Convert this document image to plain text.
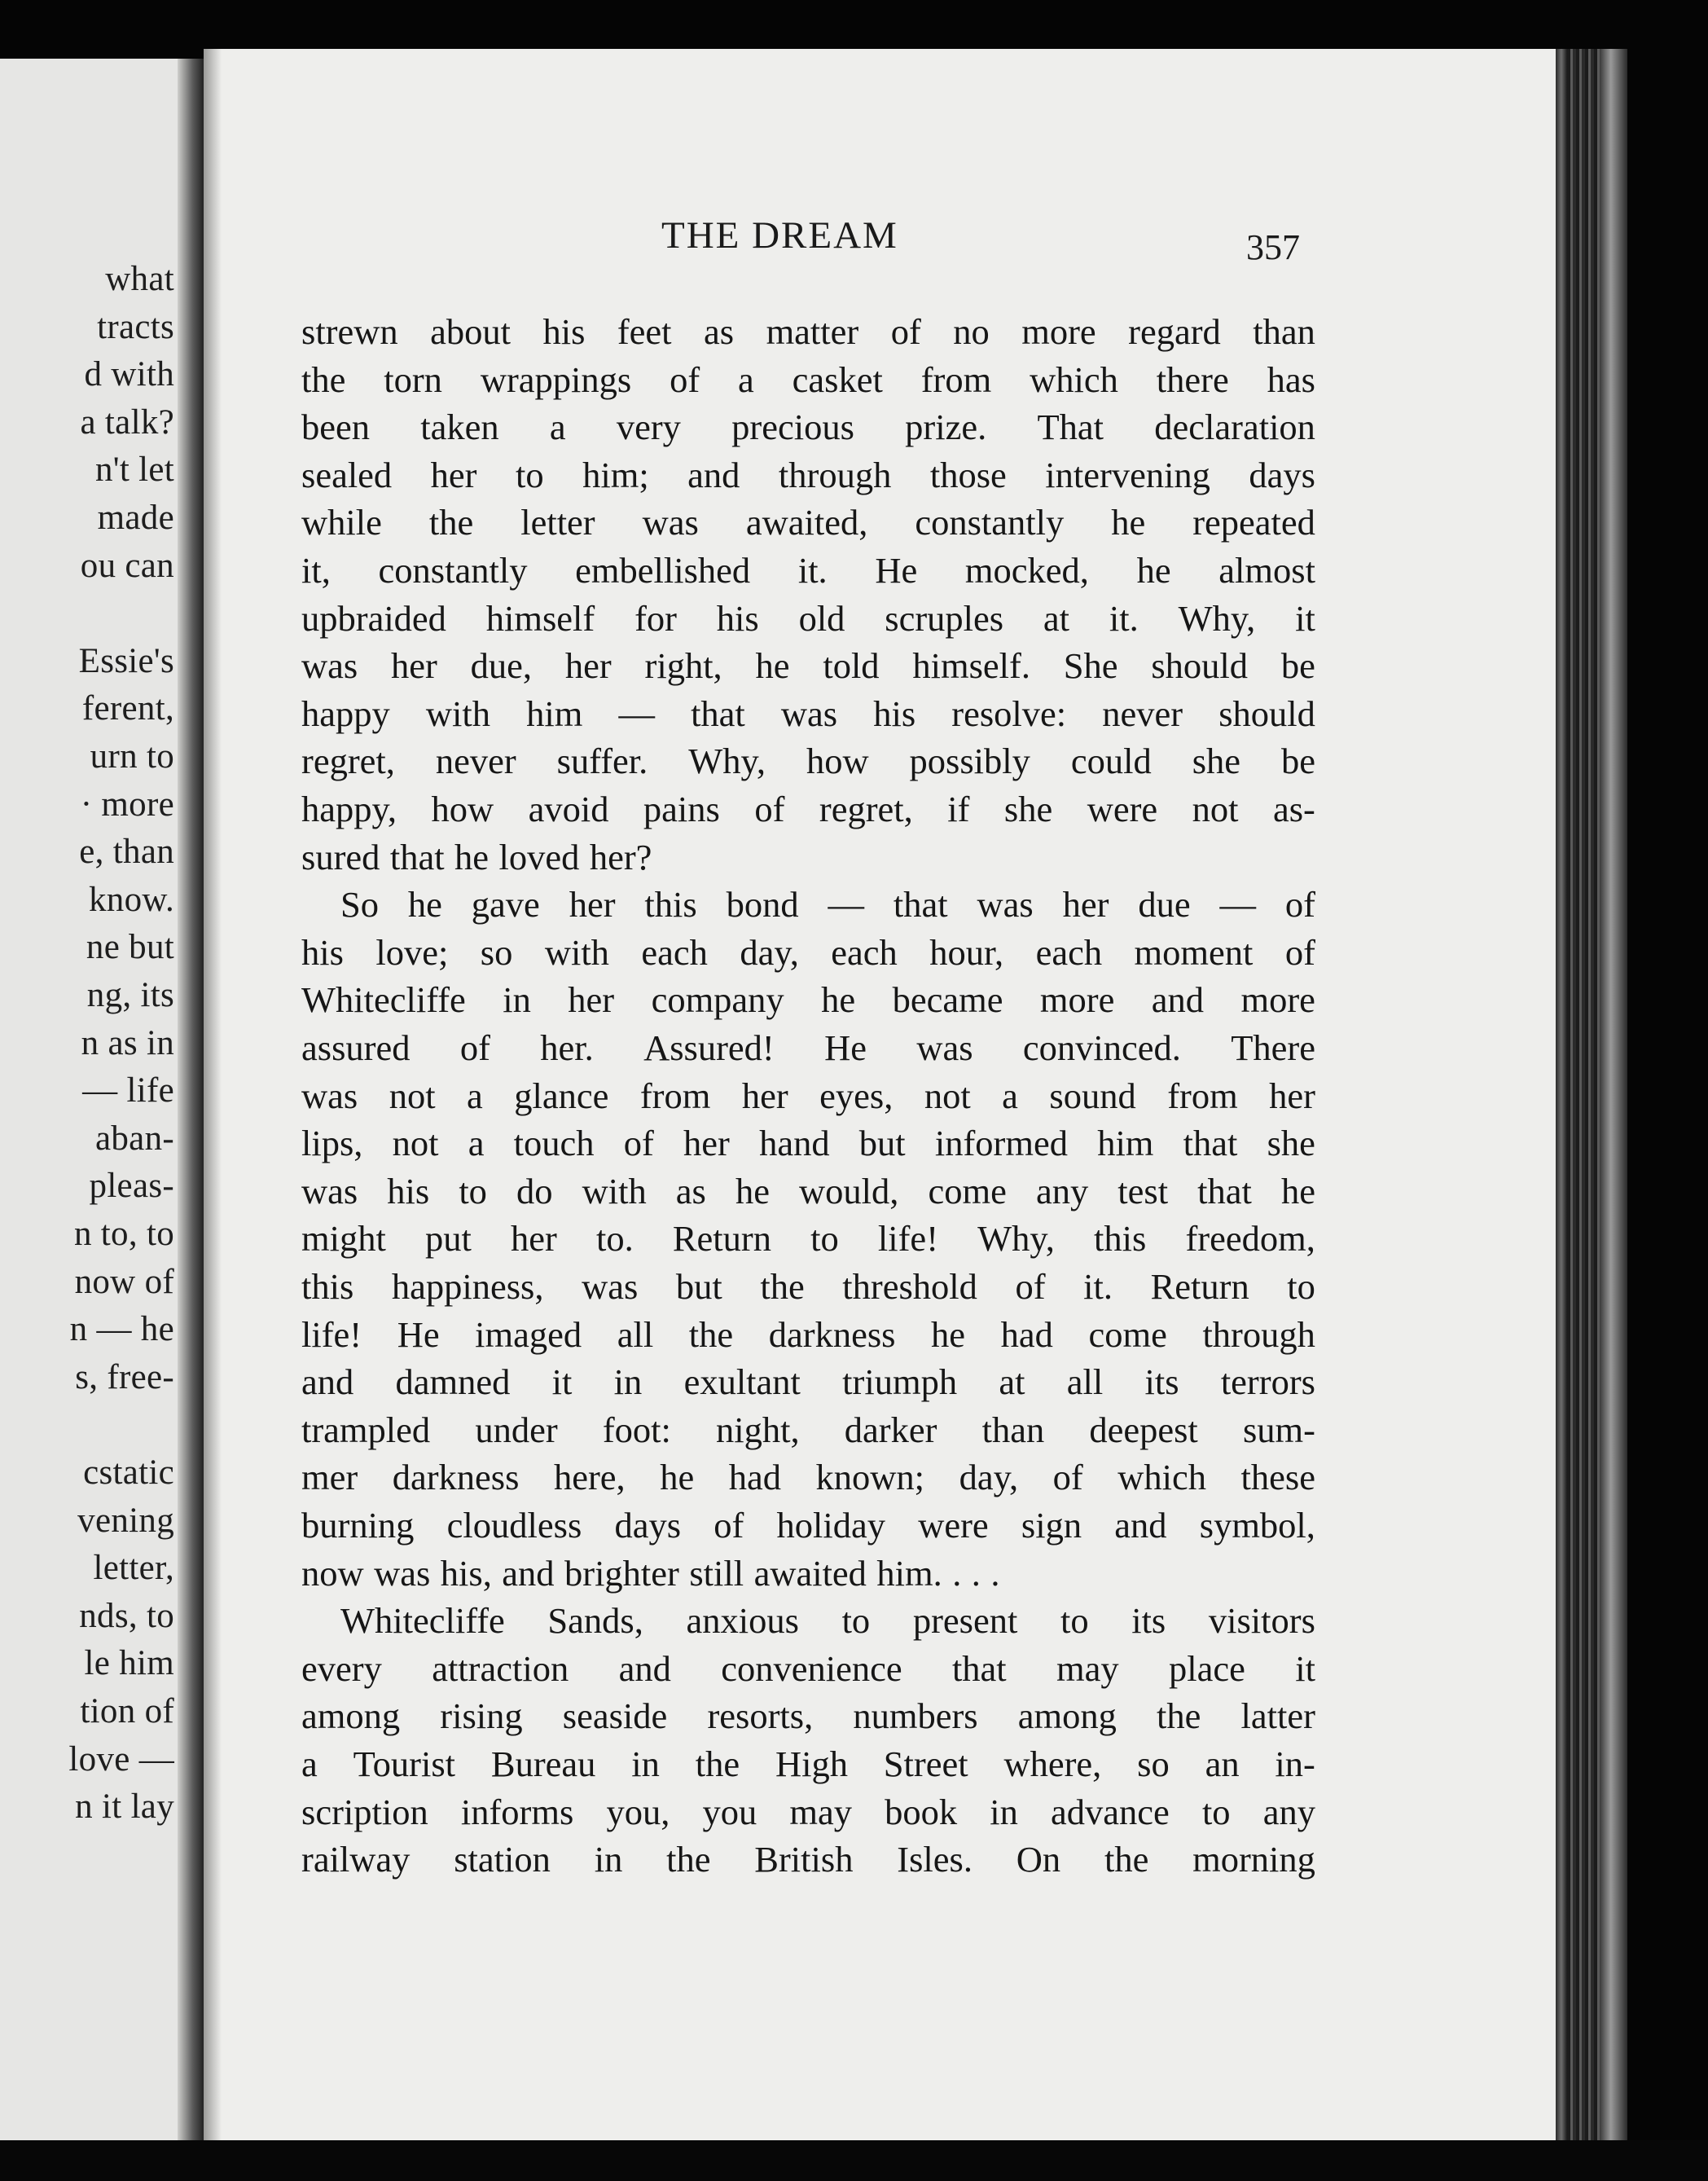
what
tracts
d with
a talk?
n't let
made
ou can
Essie's
ferent,
urn to
· more
e, than
know.
ne but
ng, its
n as in
— life
aban-
pleas-
n to, to
now of
n — he
s, free-
cstatic
vening
letter,
nds, to
le him
tion of
love —
n it lay
THE DREAM	357
strewn about his feet as matter of no more regard than
the torn wrappings of a casket from which there has
been taken a very precious prize. That declaration
sealed her to him; and through those intervening days
while the letter was awaited, constantly he repeated
it, constantly embellished it. He mocked, he almost
upbraided himself for his old scruples at it. Why, it
was her due, her right, he told himself. She should be
happy with him — that was his resolve: never should
regret, never suffer. Why, how possibly could she be
happy, how avoid pains of regret, if she were not as-
sured that he loved her?
So he gave her this bond — that was her due — of
his love; so with each day, each hour, each moment of
Whitecliffe in her company he became more and more
assured of her. Assured! He was convinced. There
was not a glance from her eyes, not a sound from her
lips, not a touch of her hand but informed him that she
was his to do with as he would, come any test that he
might put her to. Return to life! Why, this freedom,
this happiness, was but the threshold of it. Return to
life! He imaged all the darkness he had come through
and damned it in exultant triumph at all its terrors
trampled under foot: night, darker than deepest sum-
mer darkness here, he had known; day, of which these
burning cloudless days of holiday were sign and symbol,
now was his, and brighter still awaited him. . . .
Whitecliffe Sands, anxious to present to its visitors
every attraction and convenience that may place it
among rising seaside resorts, numbers among the latter
a Tourist Bureau in the High Street where, so an in-
scription informs you, you may book in advance to any
railway station in the British Isles. On the morning
